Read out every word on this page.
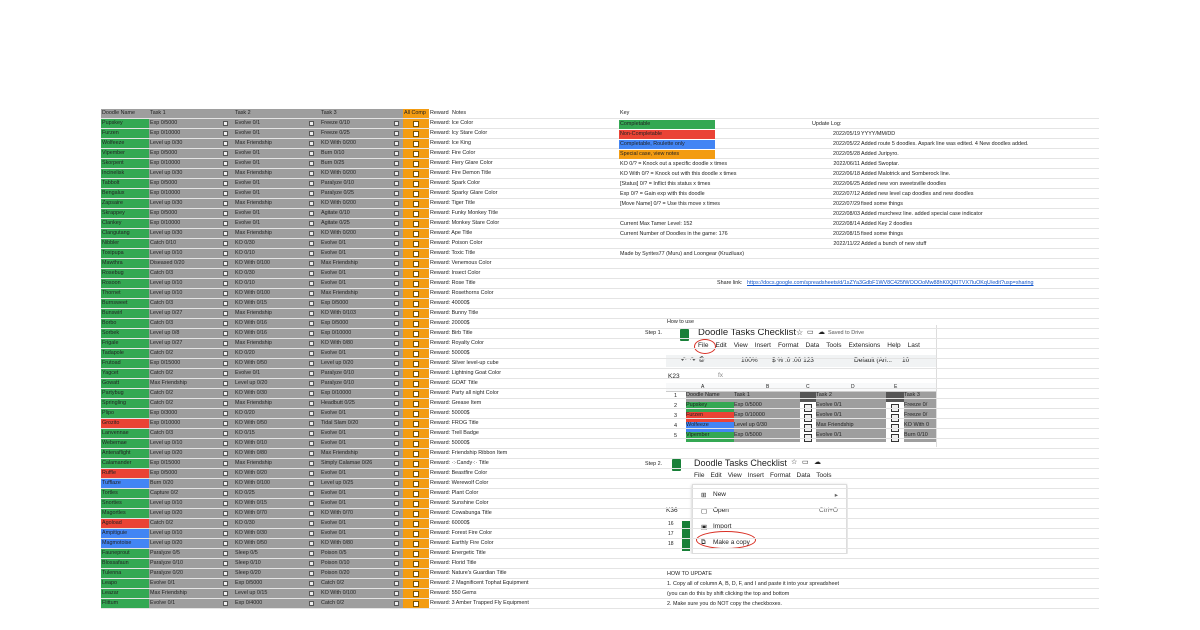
Doodle Name	Task 1	Task 2	Task 3	All Comp Reward Notes	Key
Update Log:
Share link: https://docs.google.com/spreadsheets/d/1sZYa3GdbF1WV8C425fWOOOoMw88hK0QKITVX7luOKqU/edit?usp=sharing
How to use
Step 1.
Step 2.
Doodle Tasks Checklist ☆ ▭ ☁ Saved to Drive
File Edit View Insert Format Data Tools Extensions Help Last
↶ ↷ ⎙	100% $ % .0 .00 123	Default (Ari... 10
K23	fx
A	B	C	D	E
1 Doodle Name	Task 1	Task 2	Task 3
2 Pupskey	Exp 0/5000	Evolve 0/1	Freeze 0/
3 Furzen	Exp 0/10000	Evolve 0/1	Freeze 0/
4 Wolfeeze	Level up 0/30	Max Friendship	KO With 0
5 Vipember	Exp 0/5000	Evolve 0/1	Burn 0/10
Doodle Tasks Checklist ☆ ▭ ☁
File Edit View Insert Format Data Tools
K36
16
17
18
⊞ New	▸
▢ Open	Ctrl+O
▣ Import
⧉ Make a copy
HOW TO UPDATE
1. Copy all of column A, B, D, F, and I and paste it into your spreadsheet
(you can do this by shift clicking the top and bottom
2. Make sure you do NOT copy the checkboxes.
Pupskey	Exp 0/5000	Evolve 0/1	Freeze 0/10	Reward: Ice Color
Furzen	Exp 0/10000	Evolve 0/1	Freeze 0/25	Reward: Icy Stare Color
Wolfeeze	Level up 0/30	Max Friendship	KO With 0/200	Reward: Ice King
Vipember	Exp 0/5000	Evolve 0/1	Burn 0/10	Reward: Fire Color
Skorpent	Exp 0/10000	Evolve 0/1	Burn 0/25	Reward: Fiery Glare Color
Incinelisk	Level up 0/30	Max Friendship	KO With 0/200	Reward: Fire Demon Title
Tabbolt	Exp 0/5000	Evolve 0/1	Paralyze 0/10	Reward: Spark Color
Bengalux	Exp 0/10000	Evolve 0/1	Paralyze 0/25	Reward: Sparky Glare Color
Zapsaire	Level up 0/30	Max Friendship	KO With 0/200	Reward: Tiger Title
Skrappey	Exp 0/5000	Evolve 0/1	Agitate 0/10	Reward: Funky Monkey Title
Clankey	Exp 0/10000	Evolve 0/1	Agitate 0/25	Reward: Monkey Stare Color
Clangutang	Level up 0/30	Max Friendship	KO With 0/200	Reward: Ape Title
Nibbler	Catch 0/10	KO 0/30	Evolve 0/1	Reward: Poison Color
Toxipupa	Level up 0/10	KO 0/10	Evolve 0/1	Reward: Toxic Title
Mawthra	Diseased 0/20	KO With 0/100	Max Friendship	Reward: Venemous Color
Rosebug	Catch 0/3	KO 0/30	Evolve 0/1	Reward: Insect Color
Rosoon	Level up 0/10	KO 0/10	Evolve 0/1	Reward: Rose Title
Thornet	Level up 0/10	KO With 0/100	Max Friendship	Reward: Rosethorns Color
Burnsweet	Catch 0/3	KO With 0/15	Exp 0/5000	Reward: 40000$
Bunswirl	Level up 0/27	Max Friendship	KO With 0/103	Reward: Bunny Title
Borbo	Catch 0/3	KO With 0/16	Exp 0/5000	Reward: 20000$
Sorbek	Level up 0/8	KO With 0/16	Exp 0/10000	Reward: Birb Title
Frigale	Level up 0/27	Max Friendship	KO With 0/80	Reward: Royalty Color
Tadapole	Catch 0/2	KO 0/20	Evolve 0/1	Reward: 50000$
Frutoad	Exp 0/15000	KO With 0/50	Level up 0/20	Reward: Silver level-up cube
Yagcet	Catch 0/2	Evolve 0/1	Paralyze 0/10	Reward: Lightning Goat Color
Gowatt	Max Friendship	Level up 0/20	Paralyze 0/10	Reward: GOAT Title
Partybug	Catch 0/2	KO With 0/30	Exp 0/10000	Reward: Party all night Color
Springling	Catch 0/2	Max Friendship	Headbutt 0/25	Reward: Grease Item
Plipo	Exp 0/3000	KO 0/20	Evolve 0/1	Reward: 50000$
Grozito	Exp 0/10000	KO With 0/50	Tidal Slam 0/20	Reward: FROG Title
Lanvennae	Catch 0/3	KO 0/15	Evolve 0/1	Reward: Trell Badge
Webernae	Level up 0/10	KO With 0/10	Evolve 0/1	Reward: 50000$
Antenaflight	Level up 0/20	KO With 0/80	Max Friendship	Reward: Friendship Ribbon Item
Calamander	Exp 0/15000	Max Friendship	Simply Calamae 0/26	Reward: ·:·Candy·:· Title
Ruffle	Exp 0/5000	KO With 0/20	Evolve 0/1	Reward: Beastfire Color
Tufflaze	Burn 0/20	KO With 0/100	Level up 0/25	Reward: Werewolf Color
Tortles	Capture 0/2	KO 0/25	Evolve 0/1	Reward: Plant Color
Snorties	Level up 0/10	KO With 0/15	Evolve 0/1	Reward: Sunshine Color
Magortles	Level up 0/20	KO With 0/70	KO With 0/70	Reward: Cowabunga Title
Agoload	Catch 0/2	KO 0/30	Evolve 0/1	Reward: 60000$
Ampitiguie	Level up 0/10	KO With 0/30	Evolve 0/1	Reward: Forest Fire Color
Magmotoise	Level up 0/20	KO With 0/50	KO With 0/80	Reward: Earthly Fire Color
Fauneprout	Paralyze 0/5	Sleep 0/5	Poison 0/5	Reward: Energetic Title
Blossafaun	Paralyze 0/10	Sleep 0/10	Poison 0/10	Reward: Florid Title
Tulenna	Paralyze 0/20	Sleep 0/20	Poison 0/20	Reward: Nature's Guardian Title
Leapo	Evolve 0/1	Exp 0/5000	Catch 0/2	Reward: 2 Magnificent Tophat Equipment
Leazar	Max Friendship	Level up 0/15	KO With 0/100	Reward: 550 Gems
Flittum	Evolve 0/1	Exp 0/4000	Catch 0/2	Reward: 3 Amber Trapped Fly Equipment
Completable
Non-Completable
Completable, Roulette only
Special case, view notes
KO 0/? = Knock out a specific doodle x times
KO With 0/? = Knock out with this doodle x times
[Status] 0/? = Inflict this status x times
Exp 0/? = Gain exp with this doodle
[Move Name] 0/? = Use this move x times
Current Max Tamer Level: 152
Current Number of Doodles in the game: 176
Made by Syrites77 (Muru) and Loongear (Kruziluax)
2022/05/19 YYYY/MM/DD
2022/05/22 Added route 5 doodles. Aspark line was edited. 4 New doodles added.
2022/05/28 Added Juripyro.
2022/06/11 Added Swoptar.
2022/06/18 Added Malotrick and Somberock line.
2022/06/25 Added new von sweetsville doodles
2022/07/12 Added new level cap doodles and new doodles
2022/07/29 fixed some things
2022/08/03 Added murcheez line. added special case indicator
2022/08/14 Added Key 2 doodles
2022/08/15 fixed some things
2022/11/22 Added a bunch of new stuff
